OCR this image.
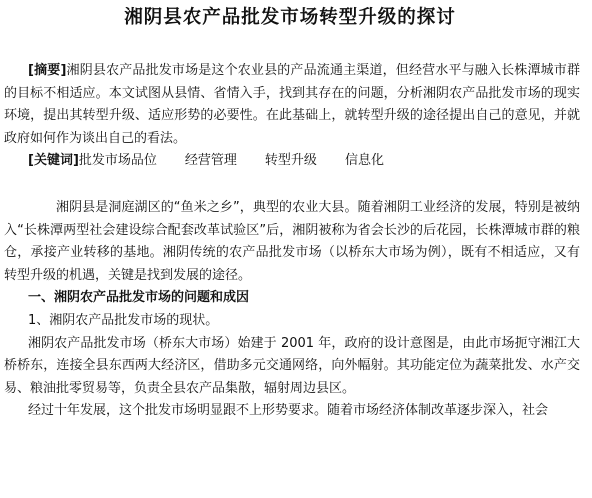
湘阴县农产品批发市场转型升级的探讨

[摘要]湘阴县农产品批发市场是这个农业县的产品流通主渠道，但经营水平与融入长株潭城市群的目标不相适应。本文试图从县情、省情入手，找到其存在的问题，分析湘阴农产品批发市场的现实环境，提出其转型升级、适应形势的必要性。在此基础上，就转型升级的途径提出自己的意见，并就政府如何作为谈出自己的看法。

[关键词]批发市场品位 经营管理 转型升级 信息化

湘阴县是洞庭湖区的“鱼米之乡”，典型的农业大县。随着湘阴工业经济的发展，特别是被纳入“长株潭两型社会建设综合配套改革试验区”后，湘阴被称为省会长沙的后花园，长株潭城市群的粮仓，承接产业转移的基地。湘阴传统的农产品批发市场（以桥东大市场为例），既有不相适应，又有转型升级的机遇，关键是找到发展的途径。

一、湘阴农产品批发市场的问题和成因

1、湘阴农产品批发市场的现状。

湘阴农产品批发市场（桥东大市场）始建于 2001 年，政府的设计意图是，由此市场扼守湘江大桥桥东，连接全县东西两大经济区，借助多元交通网络，向外幅射。其功能定位为蔬菜批发、水产交易、粮油批零贸易等，负责全县农产品集散，辐射周边县区。

经过十年发展，这个批发市场明显跟不上形势要求。随着市场经济体制改革逐步深入，社会
